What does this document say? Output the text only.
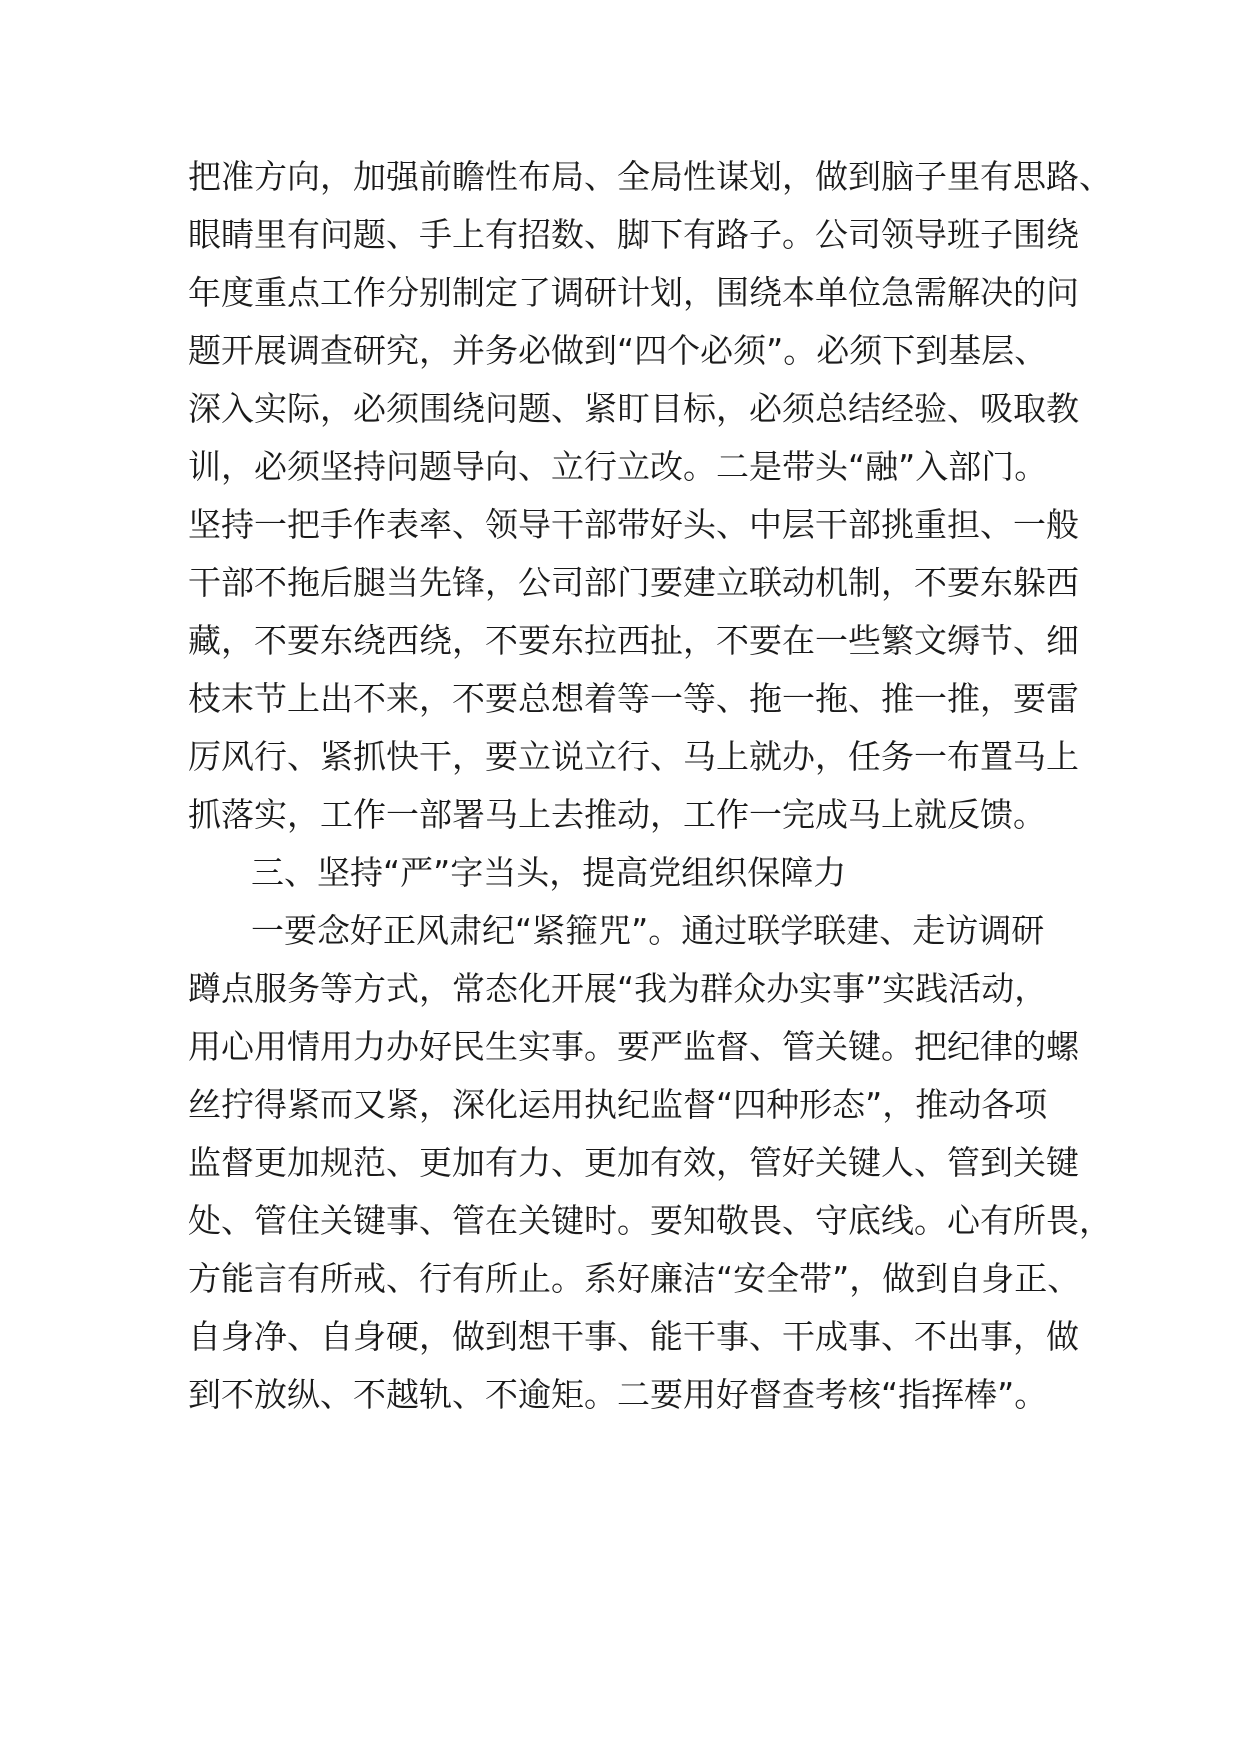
把准方向，加强前瞻性布局、全局性谋划，做到脑子里有思路、
眼睛里有问题、手上有招数、脚下有路子。公司领导班子围绕
年度重点工作分别制定了调研计划，围绕本单位急需解决的问
题开展调查研究，并务必做到“四个必须”。必须下到基层、
深入实际，必须围绕问题、紧盯目标，必须总结经验、吸取教
训，必须坚持问题导向、立行立改。二是带头“融”入部门。
坚持一把手作表率、领导干部带好头、中层干部挑重担、一般
干部不拖后腿当先锋，公司部门要建立联动机制，不要东躲西
藏，不要东绕西绕，不要东拉西扯，不要在一些繁文缛节、细
枝末节上出不来，不要总想着等一等、拖一拖、推一推，要雷
厉风行、紧抓快干，要立说立行、马上就办，任务一布置马上
抓落实，工作一部署马上去推动，工作一完成马上就反馈。
三、坚持“严”字当头，提高党组织保障力
一要念好正风肃纪“紧箍咒”。通过联学联建、走访调研
蹲点服务等方式，常态化开展“我为群众办实事”实践活动，
用心用情用力办好民生实事。要严监督、管关键。把纪律的螺
丝拧得紧而又紧，深化运用执纪监督“四种形态”，推动各项
监督更加规范、更加有力、更加有效，管好关键人、管到关键
处、管住关键事、管在关键时。要知敬畏、守底线。心有所畏，
方能言有所戒、行有所止。系好廉洁“安全带”，做到自身正、
自身净、自身硬，做到想干事、能干事、干成事、不出事，做
到不放纵、不越轨、不逾矩。二要用好督查考核“指挥棒”。
